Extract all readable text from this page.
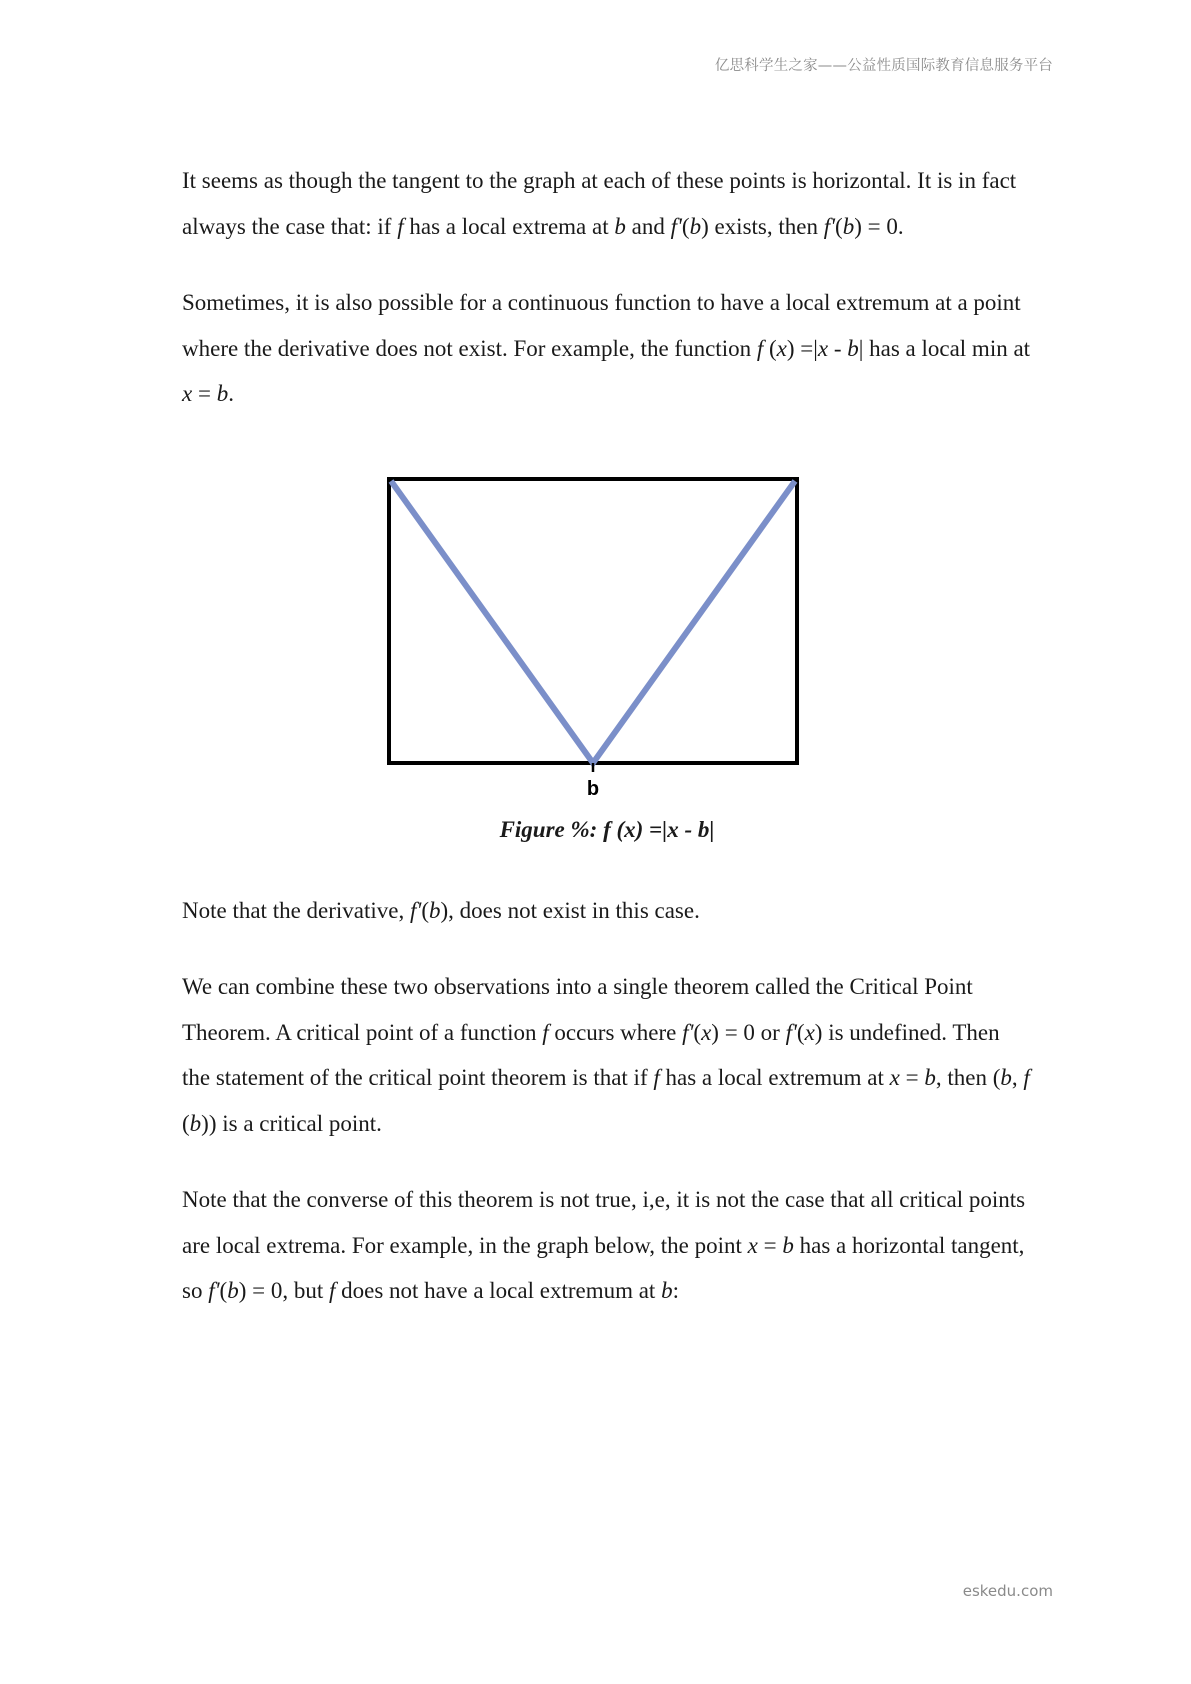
亿思科学生之家——公益性质国际教育信息服务平台

It seems as though the tangent to the graph at each of these points is horizontal. It is in fact always the case that: if f has a local extrema at b and f'(b) exists, then f'(b) = 0.

Sometimes, it is also possible for a continuous function to have a local extremum at a point where the derivative does not exist. For example, the function f (x) =|x - b| has a local min at x = b.

b
Figure %: f (x) =|x - b|

Note that the derivative, f'(b), does not exist in this case.

We can combine these two observations into a single theorem called the Critical Point Theorem. A critical point of a function f occurs where f'(x) = 0 or f'(x) is undefined. Then the statement of the critical point theorem is that if f has a local extremum at x = b, then (b, f (b)) is a critical point.

Note that the converse of this theorem is not true, i,e, it is not the case that all critical points are local extrema. For example, in the graph below, the point x = b has a horizontal tangent, so f'(b) = 0, but f does not have a local extremum at b:

eskedu.com
